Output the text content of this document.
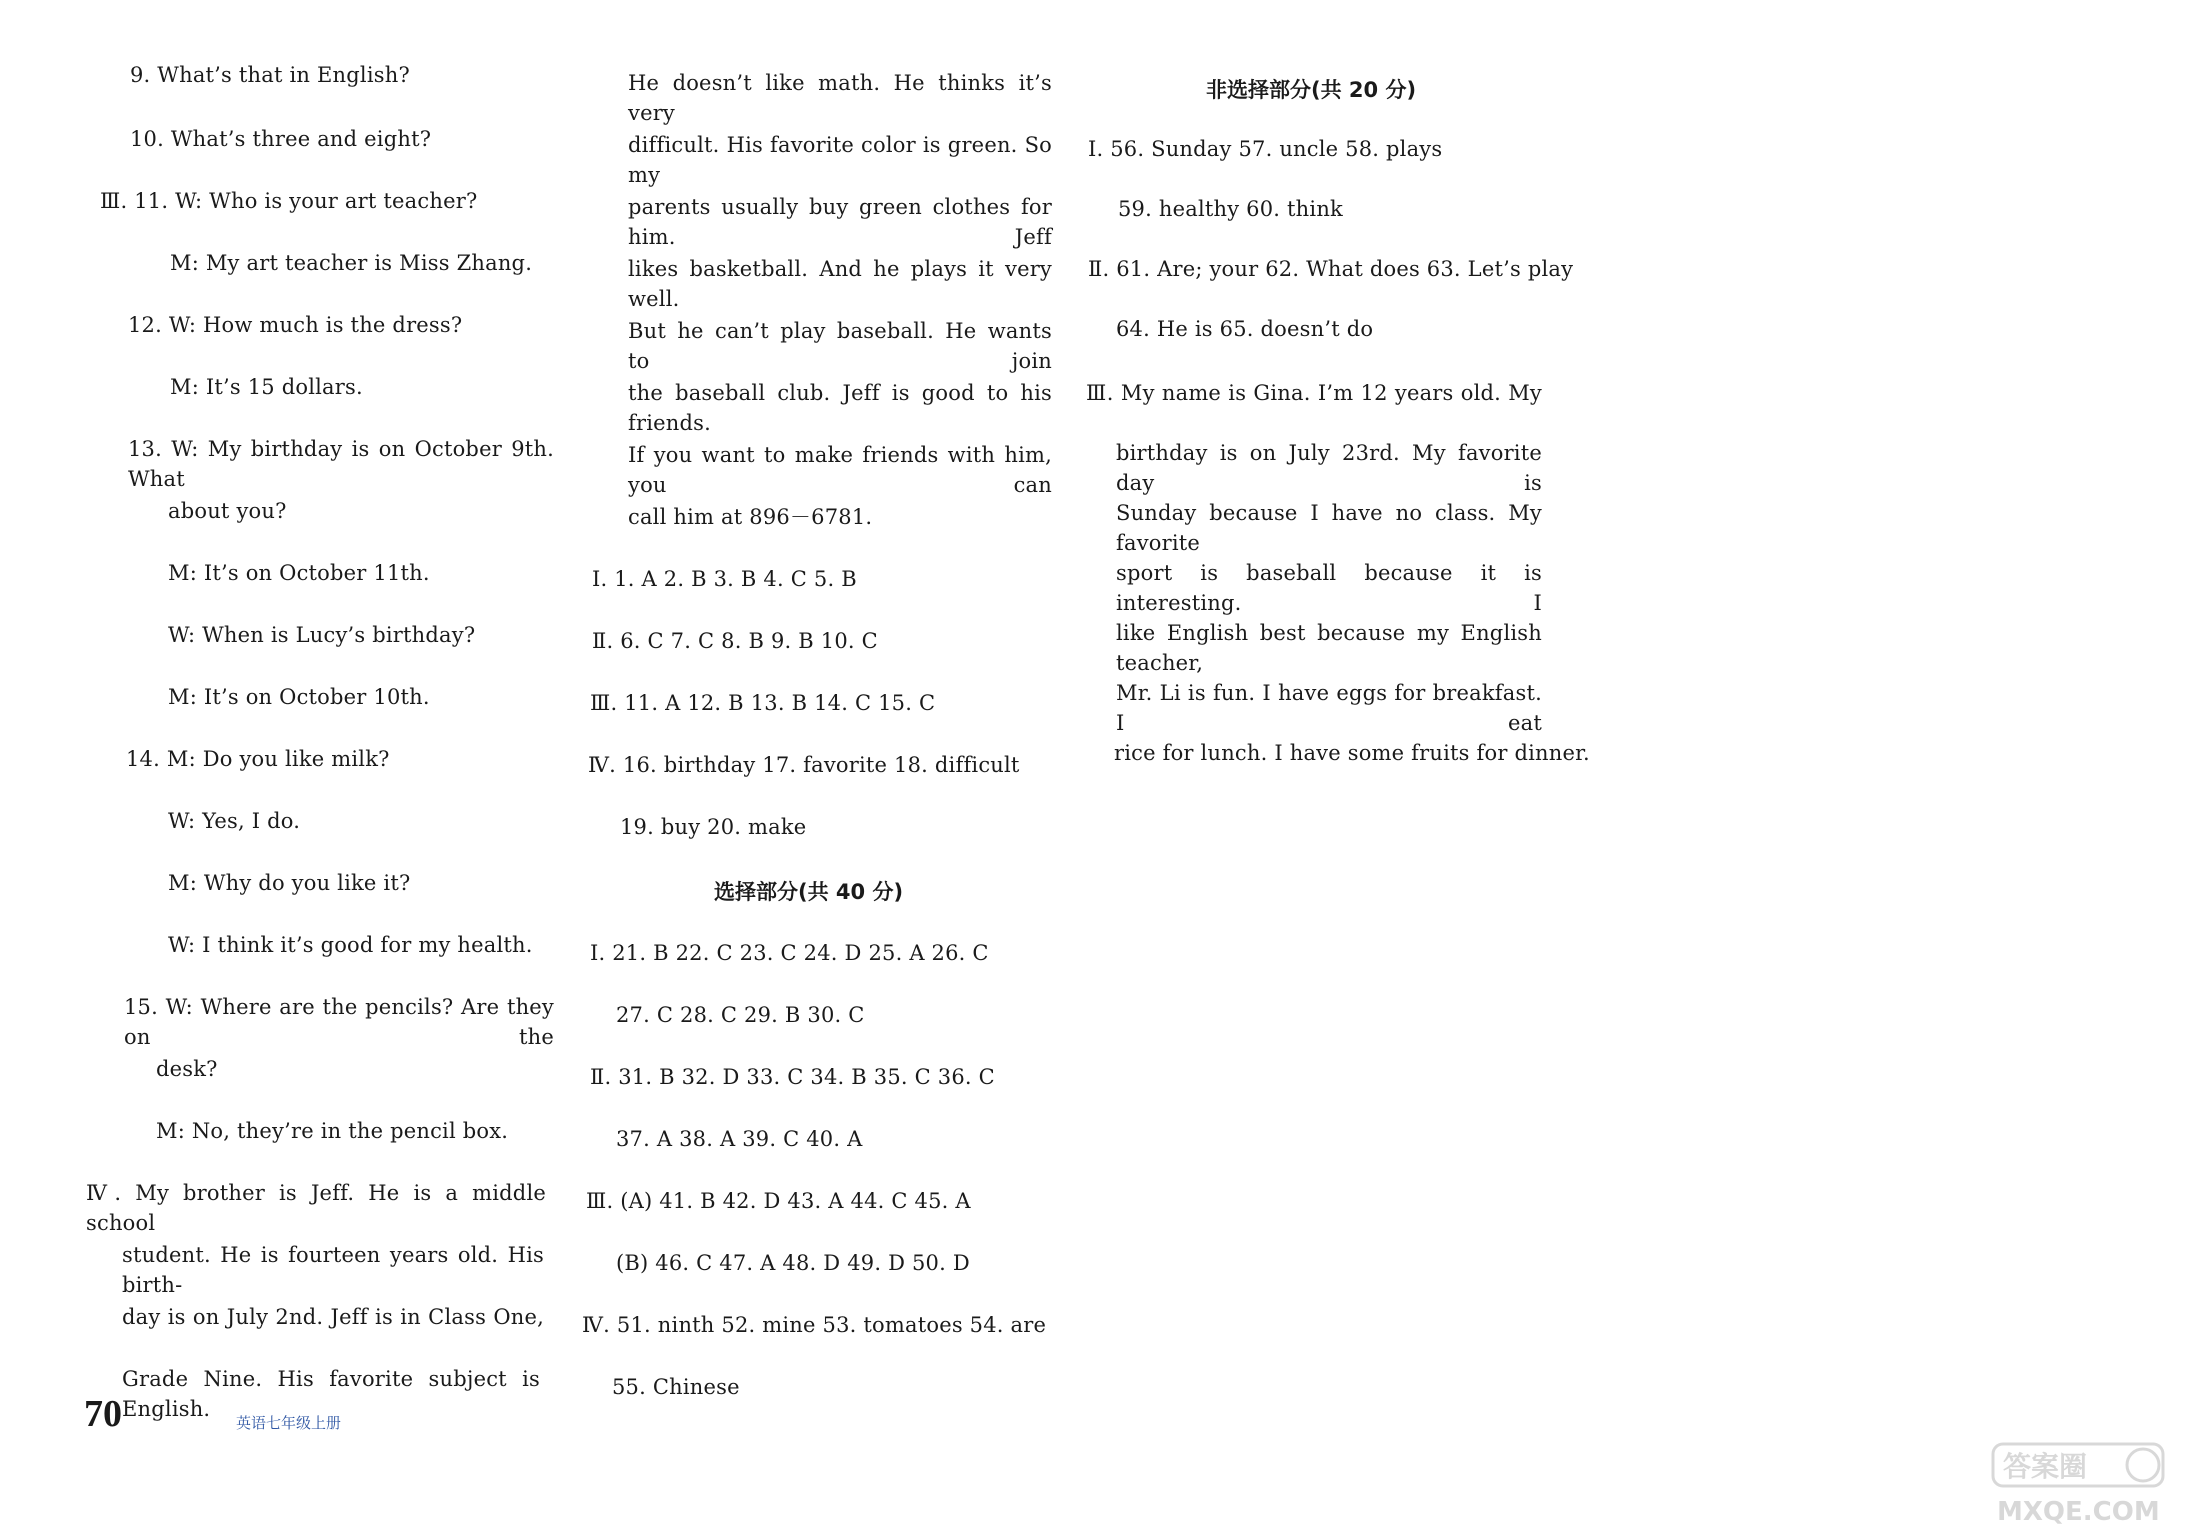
9. What’s that in English?
10. What’s three and eight?
Ⅲ. 11. W: Who is your art teacher?
M: My art teacher is Miss Zhang.
12. W: How much is the dress?
M: It’s 15 dollars.
13. W: My birthday is on October 9th. What
about you?
M: It’s on October 11th.
W: When is Lucy’s birthday?
M: It’s on October 10th.
14. M: Do you like milk?
W: Yes, I do.
M: Why do you like it?
W: I think it’s good for my health.
15. W: Where are the pencils? Are they on the
desk?
M: No, they’re in the pencil box.
Ⅳ. My brother is Jeff. He is a middle school
student. He is fourteen years old. His birth-
day is on July 2nd. Jeff is in Class One,
Grade Nine. His favorite subject is English.
He doesn’t like math. He thinks it’s very
difficult. His favorite color is green. So my
parents usually buy green clothes for him. Jeff
likes basketball. And he plays it very well.
But he can’t play baseball. He wants to join
the baseball club. Jeff is good to his friends.
If you want to make friends with him, you can
call him at 896－6781.
Ⅰ. 1. A 2. B 3. B 4. C 5. B
Ⅱ. 6. C 7. C 8. B 9. B 10. C
Ⅲ. 11. A 12. B 13. B 14. C 15. C
Ⅳ. 16. birthday 17. favorite 18. difficult
19. buy 20. make
选择部分(共 40 分)
Ⅰ. 21. B 22. C 23. C 24. D 25. A 26. C
27. C 28. C 29. B 30. C
Ⅱ. 31. B 32. D 33. C 34. B 35. C 36. C
37. A 38. A 39. C 40. A
Ⅲ. (A) 41. B 42. D 43. A 44. C 45. A
(B) 46. C 47. A 48. D 49. D 50. D
Ⅳ. 51. ninth 52. mine 53. tomatoes 54. are
55. Chinese
非选择部分(共 20 分)
Ⅰ. 56. Sunday 57. uncle 58. plays
59. healthy 60. think
Ⅱ. 61. Are; your 62. What does 63. Let’s play
64. He is 65. doesn’t do
Ⅲ. My name is Gina. I’m 12 years old. My
birthday is on July 23rd. My favorite day is
Sunday because I have no class. My favorite
sport is baseball because it is interesting. I
like English best because my English teacher,
Mr. Li is fun. I have eggs for breakfast. I eat
rice for lunch. I have some fruits for dinner.
70	英语七年级上册
答案圈
MXQE.COM
